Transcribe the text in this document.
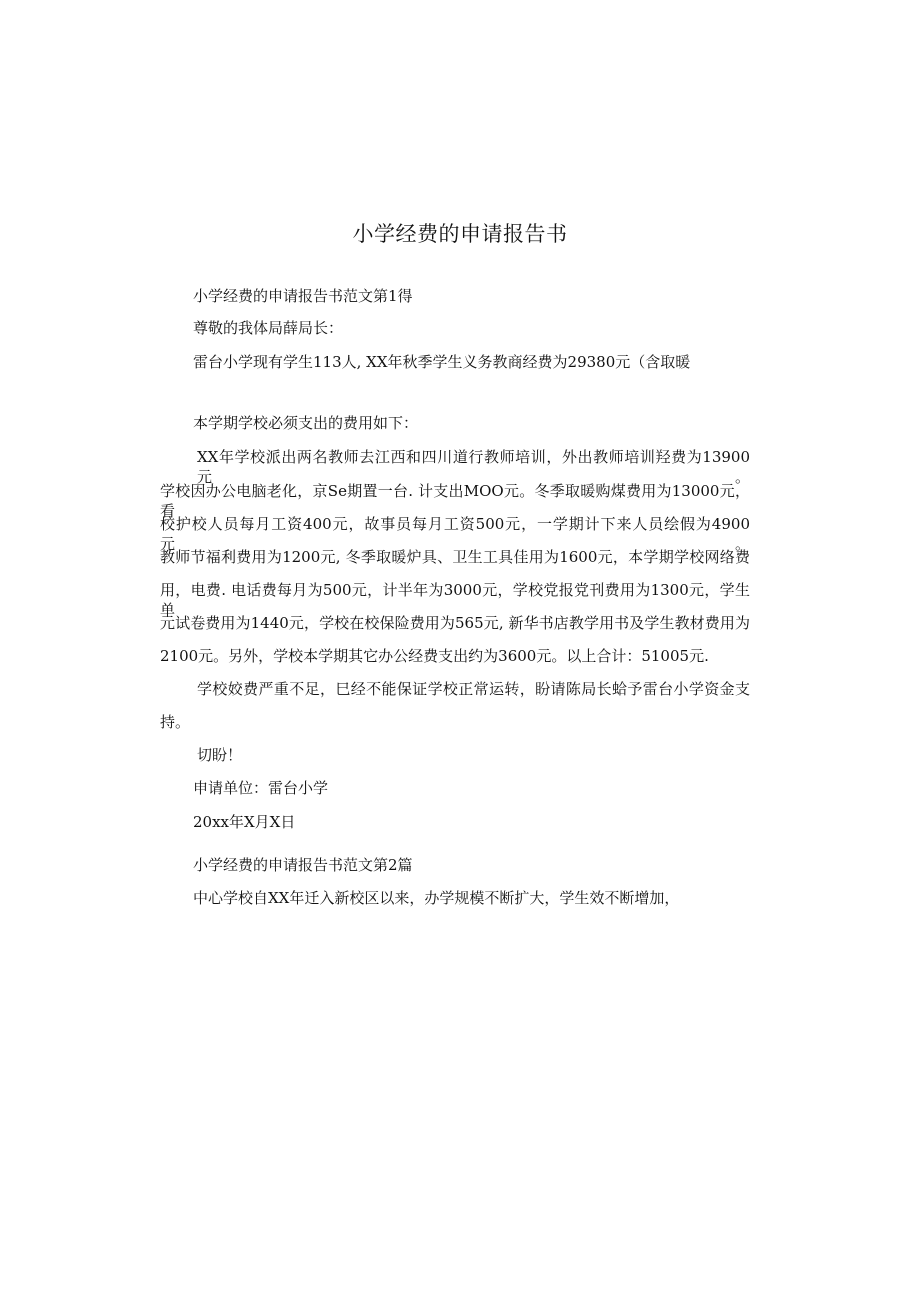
小学经费的申请报告书
小学经费的申请报告书范文第1得
尊敬的我体局薛局长：
雷台小学现有学生113人, XX年秋季学生义务教商经费为29380元（含取暖
本学期学校必须支出的费用如下：
XX年学校派出两名教师去江西和四川道行教师培训，外出教师培训羟费为13900元。
学校因办公电脑老化，京Se期置一台. 计支出MOO元。冬季取暖购煤费用为13000元，看
校护校人员每月工资400元，故事员每月工资500元，一学期计下来人员绘假为4900元。
教师节福利费用为1200元, 冬季取暖炉具、卫生工具佳用为1600元，本学期学校网络费
用，电费. 电话费每月为500元，计半年为3000元，学校党报党刊费用为1300元，学生单
元试卷费用为1440元，学校在校保险费用为565元, 新华书店教学用书及学生教材费用为
2100元。另外，学校本学期其它办公经费支出约为3600元。以上合计：51005元.
学校姣费严重不足，巳经不能保证学校正常运转，盼请陈局长蛤予雷台小学资金支
持。
切盼！
申请单位：雷台小学
20xx年X月X日
小学经费的申请报告书范文第2篇
中心学校自XX年迁入新校区以来，办学规模不断扩大，学生效不断增加，
